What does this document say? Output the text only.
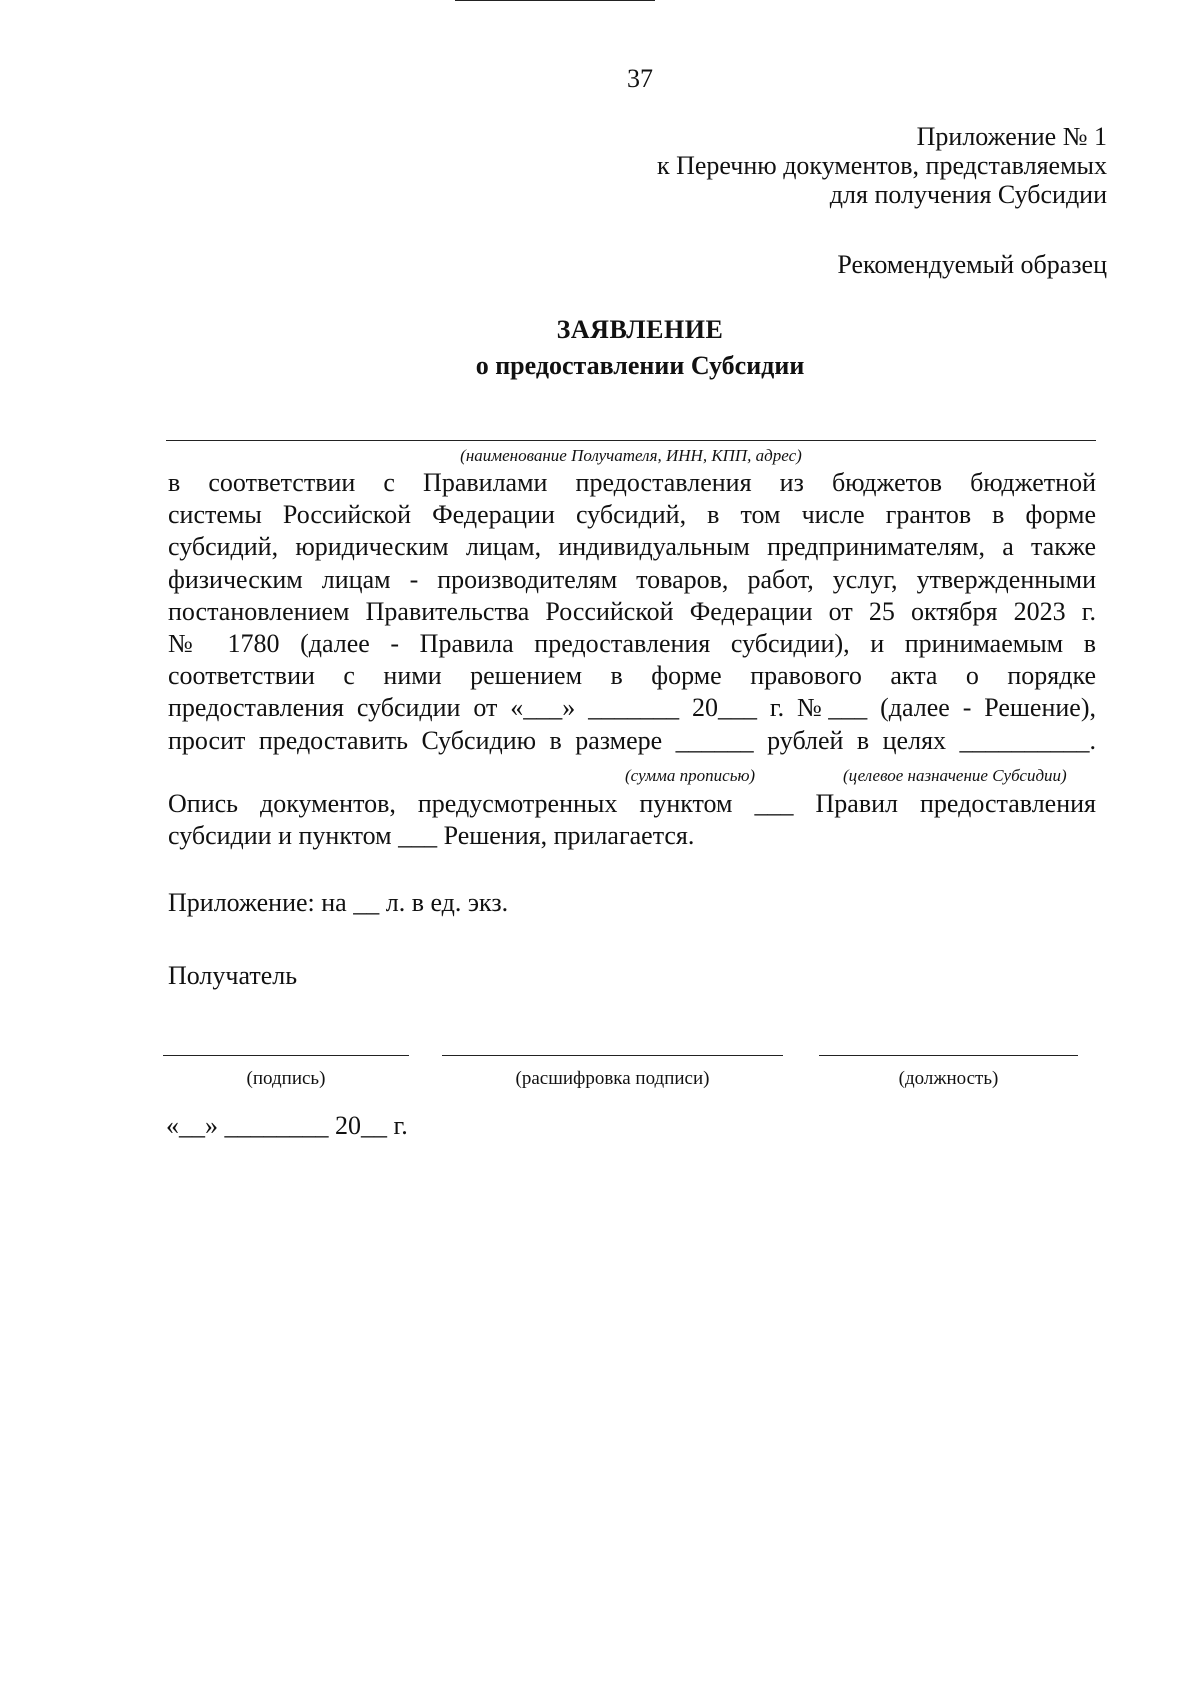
37
Приложение № 1
к Перечню документов, представляемых
для получения Субсидии
Рекомендуемый образец
ЗАЯВЛЕНИЕ
о предоставлении Субсидии
(наименование Получателя, ИНН, КПП, адрес)
в соответствии с Правилами предоставления из бюджетов бюджетной
системы Российской Федерации субсидий, в том числе грантов в форме
субсидий, юридическим лицам, индивидуальным предпринимателям, а также
физическим лицам - производителям товаров, работ, услуг, утвержденными
постановлением Правительства Российской Федерации от 25 октября 2023 г.
№ 1780 (далее - Правила предоставления субсидии), и принимаемым в
соответствии с ними решением в форме правового акта о порядке
предоставления субсидии от «___» _______ 20___ г. №___ (далее - Решение),
просит предоставить Субсидию в размере ______ рублей в целях __________.
(сумма прописью)	(целевое назначение Субсидии)
Опись документов, предусмотренных пунктом ___ Правил предоставления
субсидии и пунктом ___ Решения, прилагается.
Приложение: на __ л. в ед. экз.
Получатель
(подпись)	(расшифровка подписи)	(должность)
«__» ________ 20__ г.
